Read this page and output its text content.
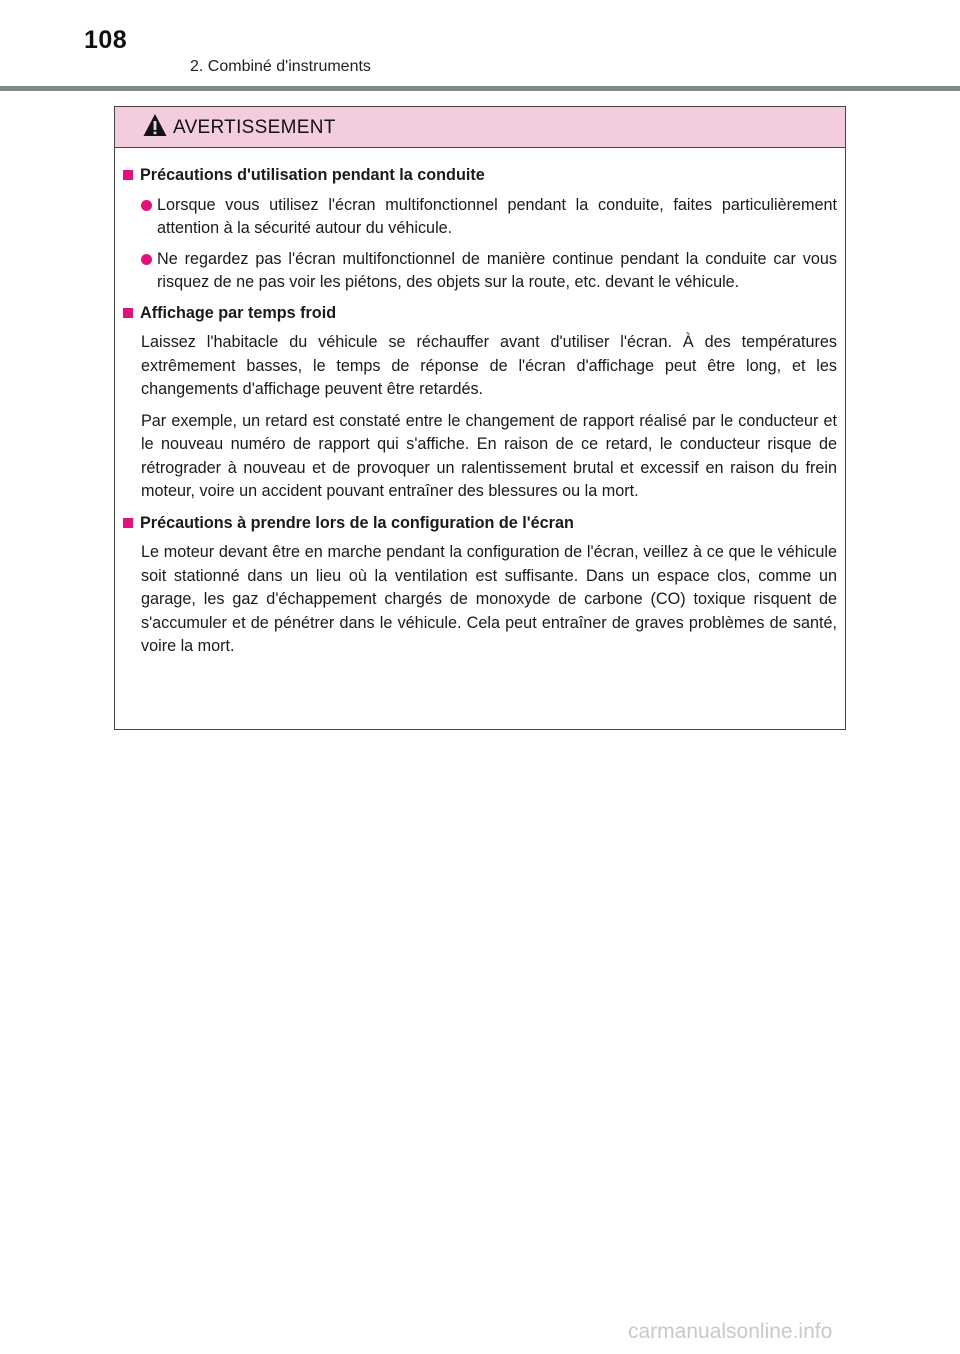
108
2. Combiné d'instruments
AVERTISSEMENT
Précautions d'utilisation pendant la conduite
Lorsque vous utilisez l'écran multifonctionnel pendant la conduite, faites particulièrement attention à la sécurité autour du véhicule.
Ne regardez pas l'écran multifonctionnel de manière continue pendant la conduite car vous risquez de ne pas voir les piétons, des objets sur la route, etc. devant le véhicule.
Affichage par temps froid
Laissez l'habitacle du véhicule se réchauffer avant d'utiliser l'écran. À des températures extrêmement basses, le temps de réponse de l'écran d'affichage peut être long, et les changements d'affichage peuvent être retardés.
Par exemple, un retard est constaté entre le changement de rapport réalisé par le conducteur et le nouveau numéro de rapport qui s'affiche. En raison de ce retard, le conducteur risque de rétrograder à nouveau et de provoquer un ralentissement brutal et excessif en raison du frein moteur, voire un accident pouvant entraîner des blessures ou la mort.
Précautions à prendre lors de la configuration de l'écran
Le moteur devant être en marche pendant la configuration de l'écran, veillez à ce que le véhicule soit stationné dans un lieu où la ventilation est suffisante. Dans un espace clos, comme un garage, les gaz d'échappement chargés de monoxyde de carbone (CO) toxique risquent de s'accumuler et de pénétrer dans le véhicule. Cela peut entraîner de graves problèmes de santé, voire la mort.
carmanualsonline.info
